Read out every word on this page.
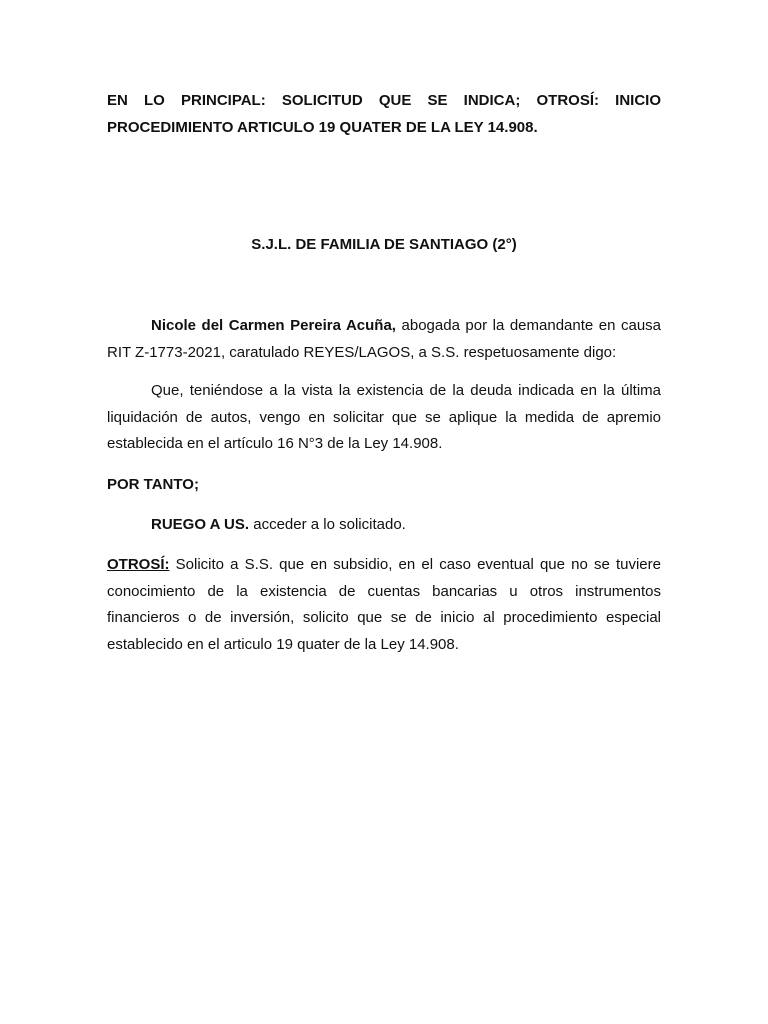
EN LO PRINCIPAL: SOLICITUD QUE SE INDICA; OTROSÍ: INICIO PROCEDIMIENTO ARTICULO 19 QUATER DE LA LEY 14.908.

S.J.L. DE FAMILIA DE SANTIAGO (2°)

Nicole del Carmen Pereira Acuña, abogada por la demandante en causa RIT Z-1773-2021, caratulado REYES/LAGOS, a S.S. respetuosamente digo:

Que, teniéndose a la vista la existencia de la deuda indicada en la última liquidación de autos, vengo en solicitar que se aplique la medida de apremio establecida en el artículo 16 N°3 de la Ley 14.908.

POR TANTO;

RUEGO A US. acceder a lo solicitado.

OTROSÍ: Solicito a S.S. que en subsidio, en el caso eventual que no se tuviere conocimiento de la existencia de cuentas bancarias u otros instrumentos financieros o de inversión, solicito que se de inicio al procedimiento especial establecido en el articulo 19 quater de la Ley 14.908.
